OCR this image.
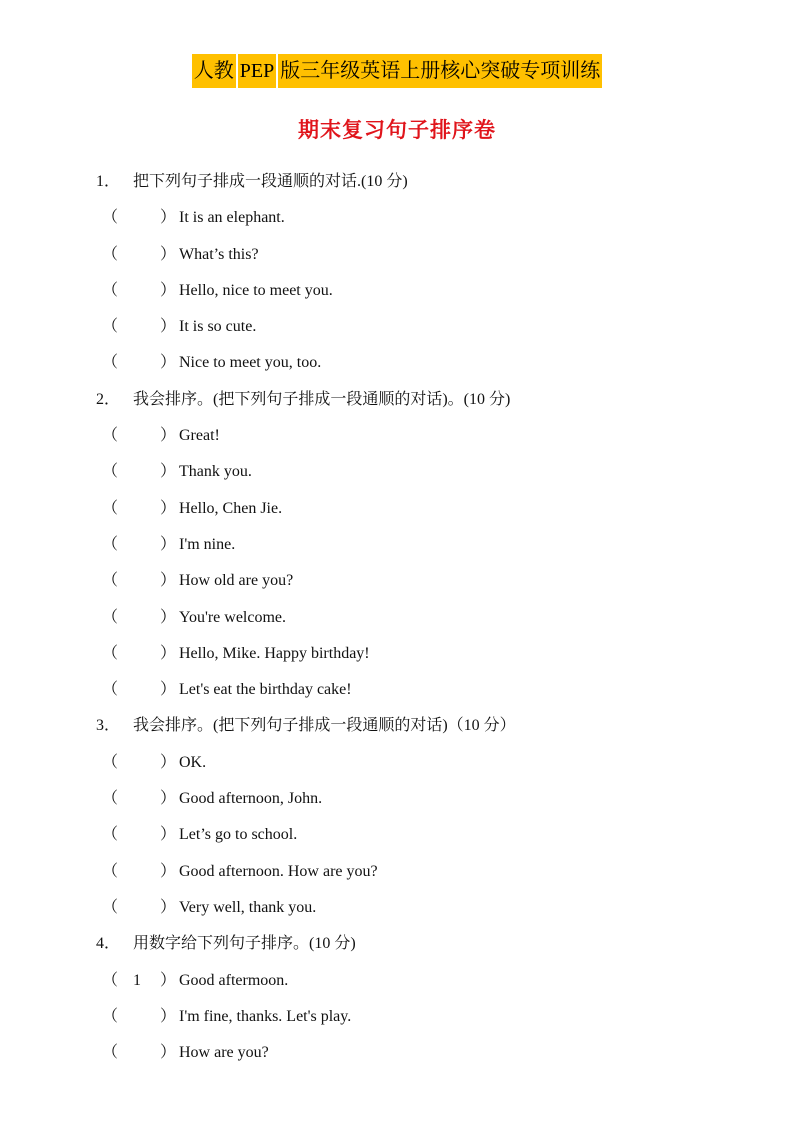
人教 PEP 版三年级英语上册核心突破专项训练
期末复习句子排序卷
1． 把下列句子排成一段通顺的对话.(10 分)
（	） It is an elephant.
（	） What’s this?
（	） Hello, nice to meet you.
（	） It is so cute.
（	） Nice to meet you, too.
2． 我会排序。(把下列句子排成一段通顺的对话)。(10 分)
（	） Great!
（	） Thank you.
（	） Hello, Chen Jie.
（	） I'm nine.
（	） How old are you?
（	） You're welcome.
（	） Hello, Mike. Happy birthday!
（	） Let's eat the birthday cake!
3． 我会排序。(把下列句子排成一段通顺的对话)（10 分）
（	） OK.
（	） Good afternoon, John.
（	） Let’s go to school.
（	） Good afternoon. How are you?
（	） Very well, thank you.
4． 用数字给下列句子排序。(10 分)
（ 1 ） Good aftermoon.
（	） I'm fine, thanks. Let's play.
（	） How are you?
